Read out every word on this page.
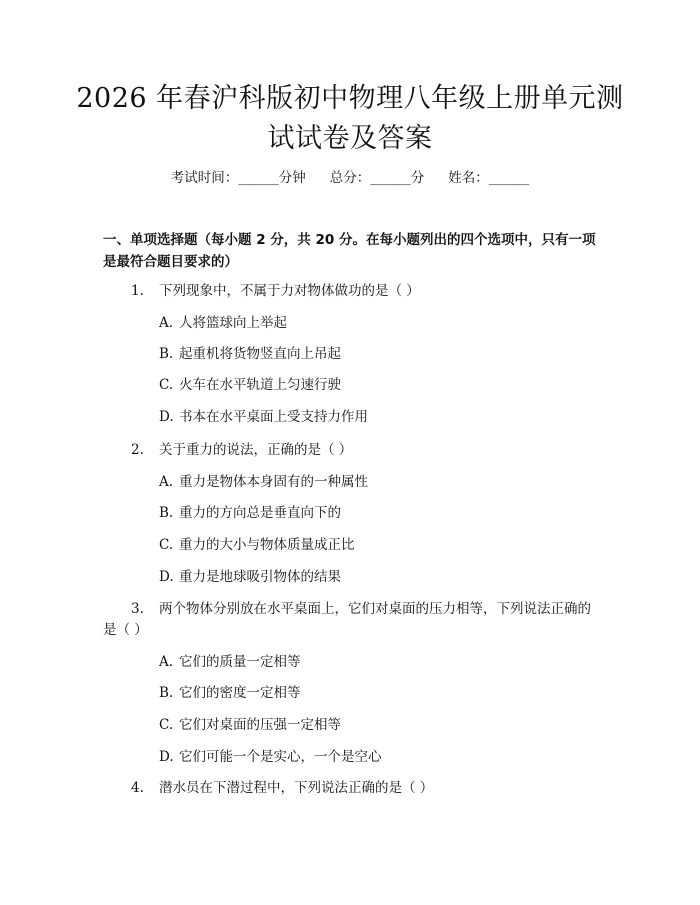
2026 年春沪科版初中物理八年级上册单元测
试试卷及答案
考试时间：______分钟 总分：______分 姓名：______
一、单项选择题（每小题 2 分，共 20 分。在每小题列出的四个选项中，只有一项
是最符合题目要求的）
1. 下列现象中，不属于力对物体做功的是（ ）
A. 人将篮球向上举起
B. 起重机将货物竖直向上吊起
C. 火车在水平轨道上匀速行驶
D. 书本在水平桌面上受支持力作用
2. 关于重力的说法，正确的是（ ）
A. 重力是物体本身固有的一种属性
B. 重力的方向总是垂直向下的
C. 重力的大小与物体质量成正比
D. 重力是地球吸引物体的结果
3. 两个物体分别放在水平桌面上，它们对桌面的压力相等，下列说法正确的
是（ ）
A. 它们的质量一定相等
B. 它们的密度一定相等
C. 它们对桌面的压强一定相等
D. 它们可能一个是实心，一个是空心
4. 潜水员在下潜过程中，下列说法正确的是（ ）
